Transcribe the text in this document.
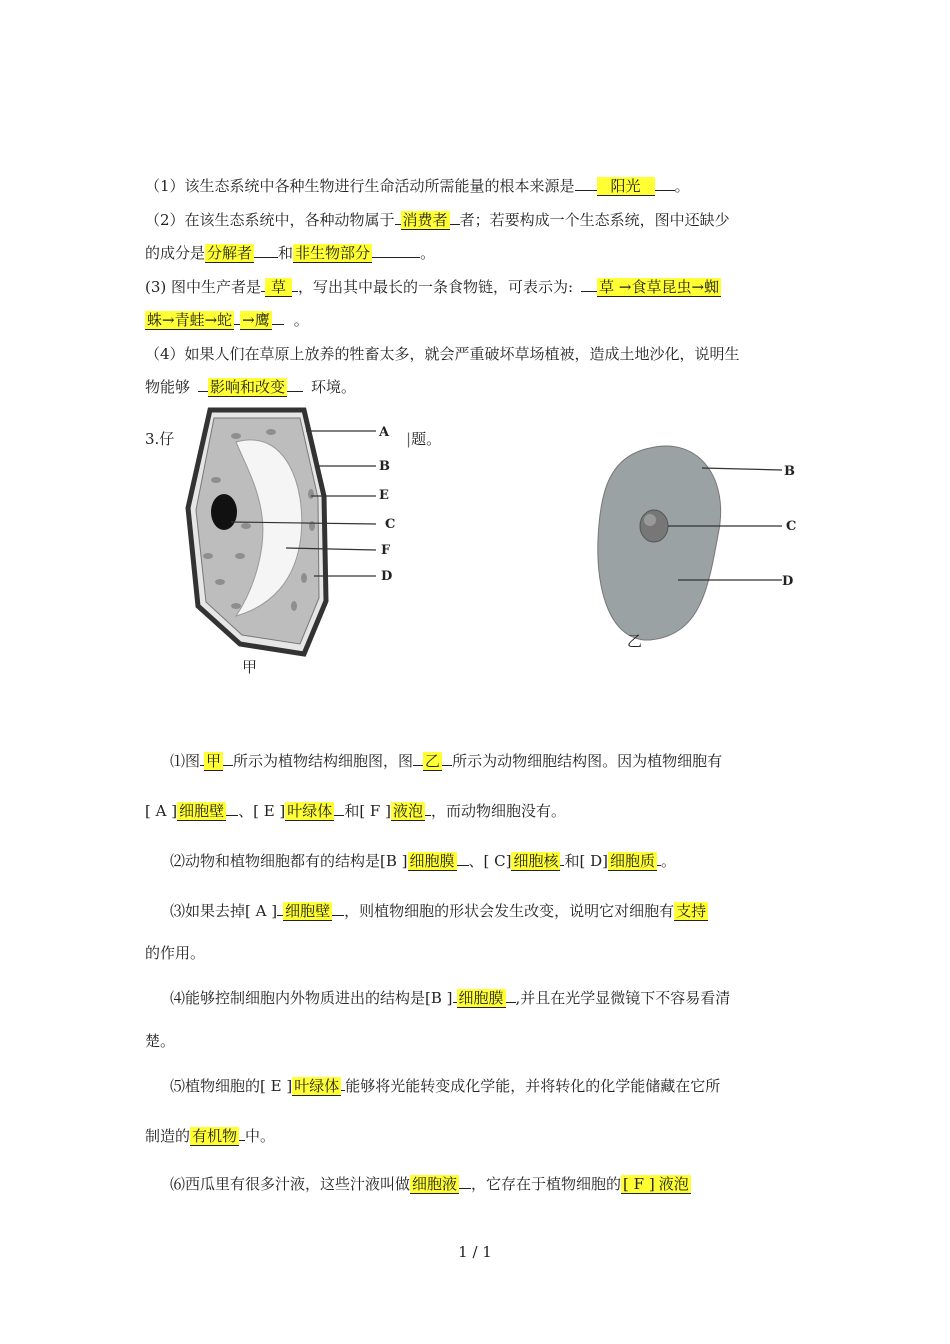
（1）该生态系统中各种生物进行生命活动所需能量的根本来源是 阳光 。
（2）在该生态系统中，各种动物属于 消费者 者；若要构成一个生态系统，图中还缺少
的成分是 分解者 和 非生物部分	。
(3) 图中生产者是 草 ，写出其中最长的一条食物链，可表示为: 草 →食草昆虫→蜘
蛛→青蛙→蛇 →鹰 。
（4）如果人们在草原上放养的牲畜太多，就会严重破坏草场植被，造成土地沙化，说明生
物能够 影响和改变 环境。
3.仔	|题。
A
B
E
C
F
D
甲
B
C
D
乙
⑴图 甲 所示为植物结构细胞图，图 乙 所示为动物细胞结构图。因为植物细胞有
[ A ] 细胞壁 、[ E ] 叶绿体 和[ F ] 液泡 ，而动物细胞没有。
⑵动物和植物细胞都有的结构是[B ] 细胞膜 、[ C] 细胞核 和[ D] 细胞质 。
⑶如果去掉[ A ] 细胞壁 ，则植物细胞的形状会发生改变，说明它对细胞有 支持
的作用。
⑷能够控制细胞内外物质进出的结构是[B ] 细胞膜 ,并且在光学显微镜下不容易看清
楚。
⑸植物细胞的[ E ] 叶绿体 能够将光能转变成化学能，并将转化的化学能储藏在它所
制造的 有机物 中。
⑹西瓜里有很多汁液，这些汁液叫做 细胞液 ，它存在于植物细胞的 [ F ] 液泡
1 / 1
